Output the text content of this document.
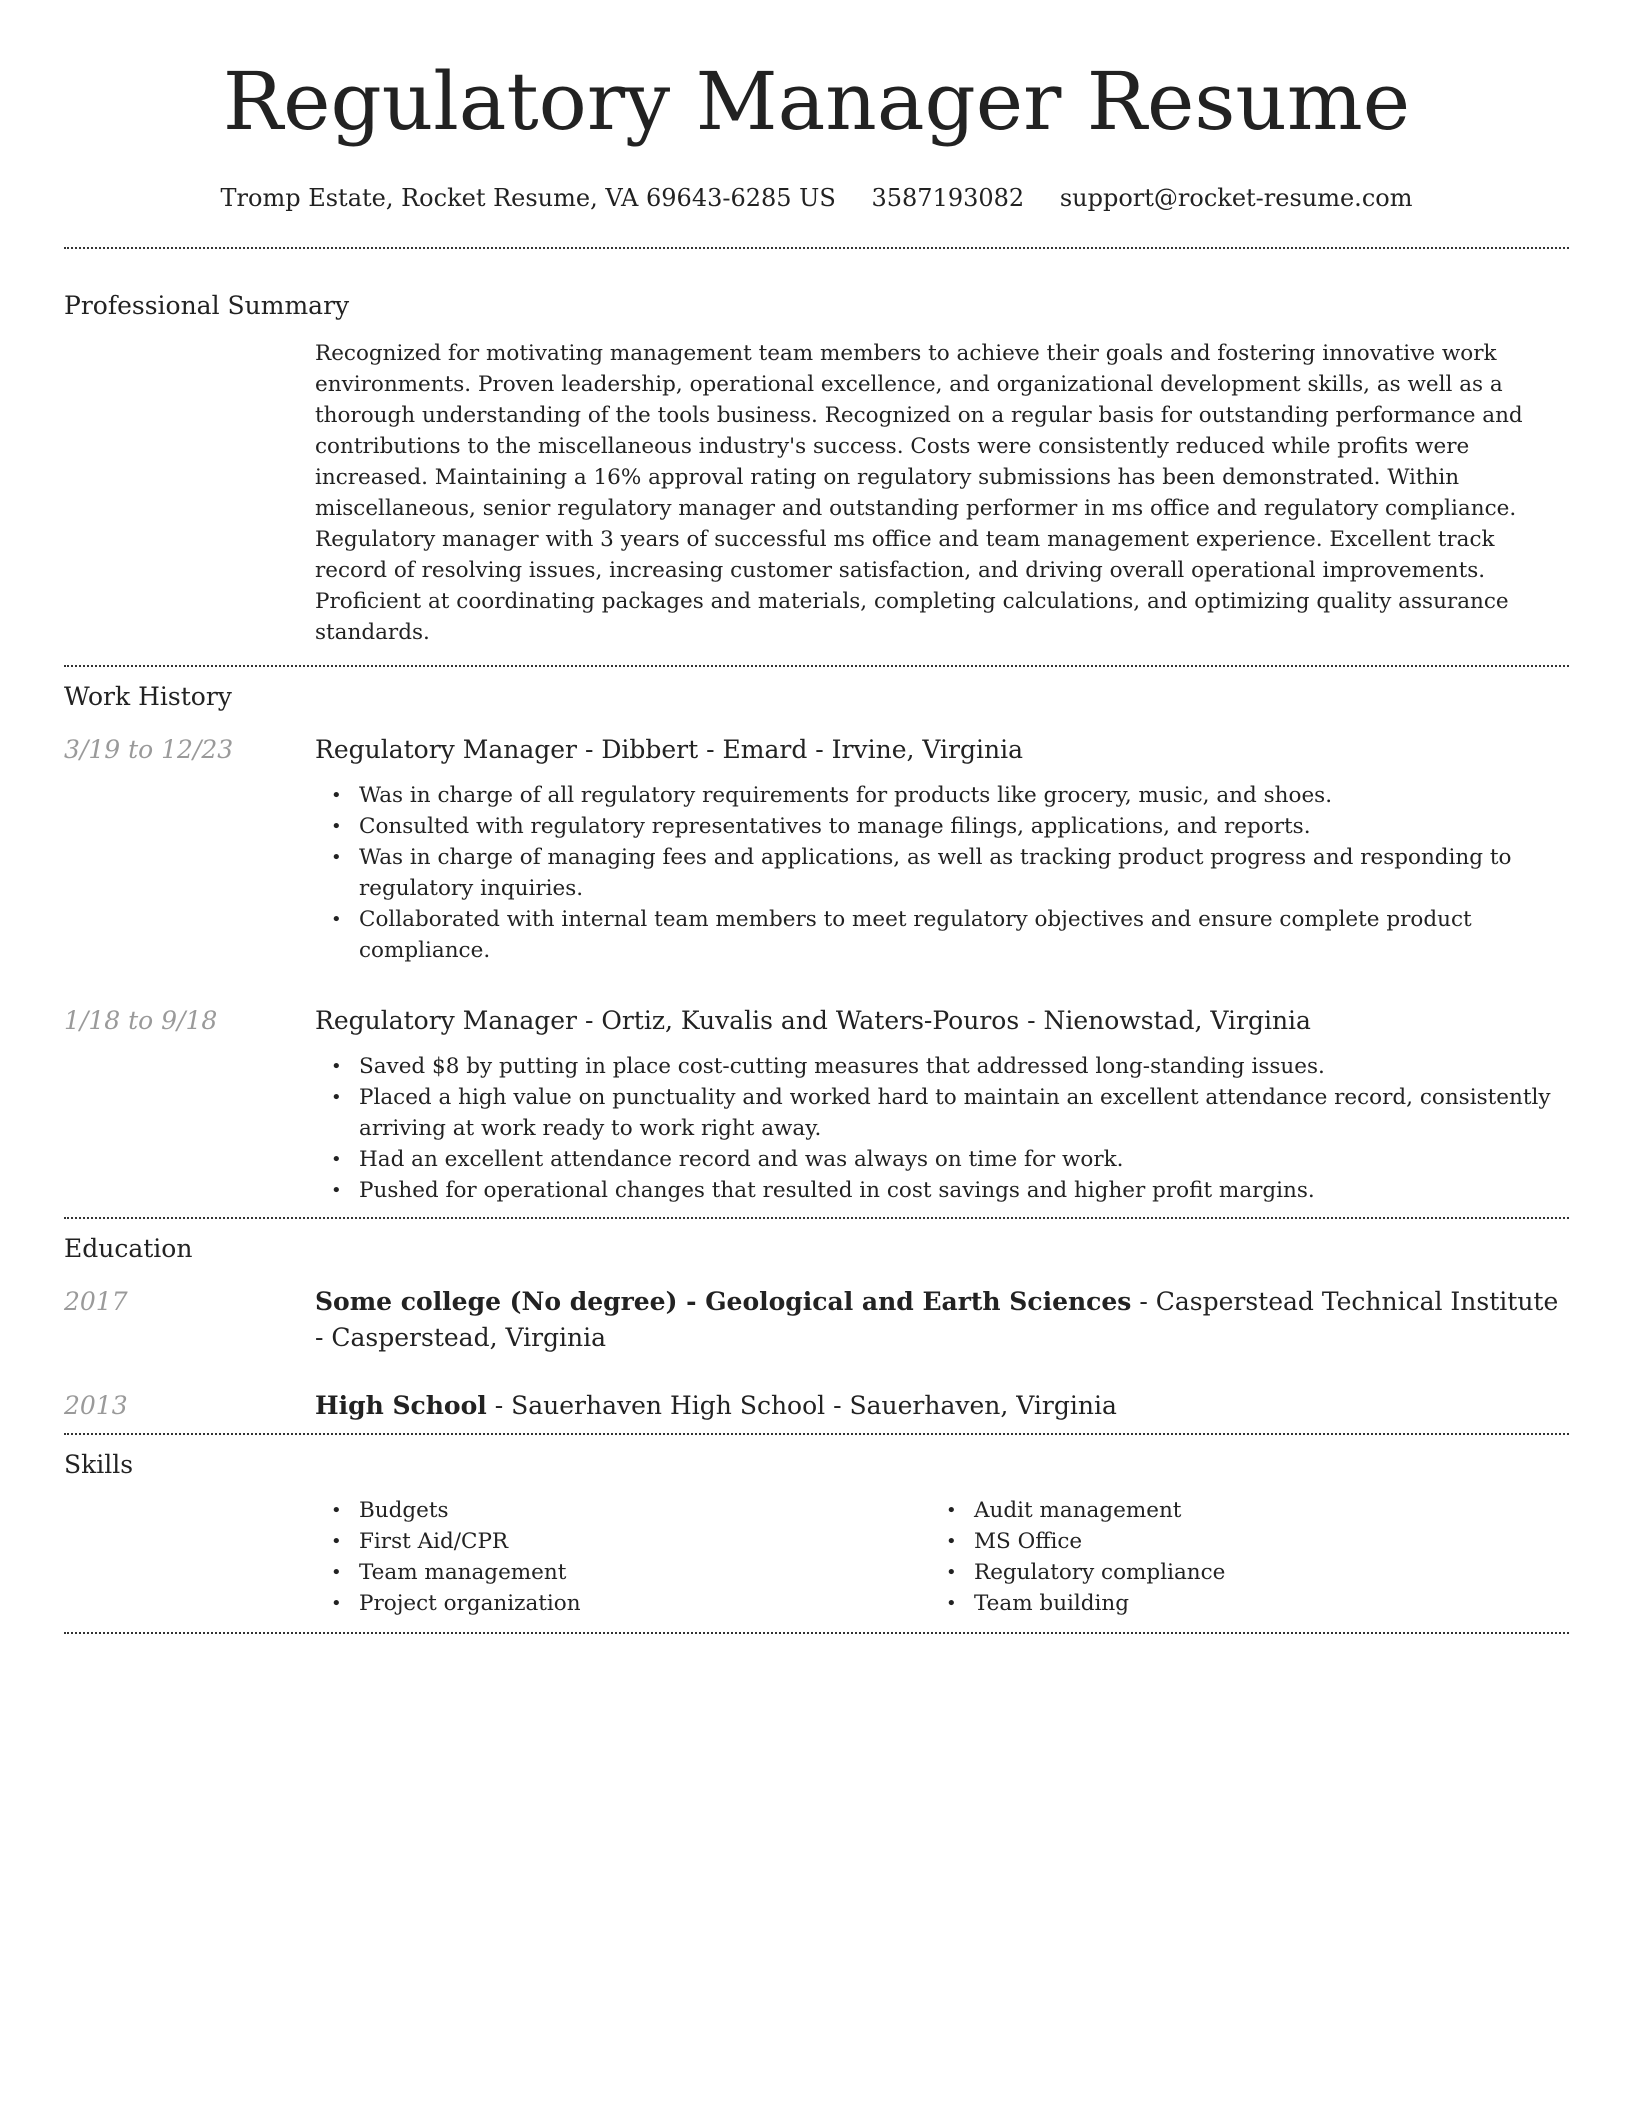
Regulatory Manager Resume
Tromp Estate, Rocket Resume, VA 69643-6285 US 3587193082 support@rocket-resume.com
Professional Summary
Recognized for motivating management team members to achieve their goals and fostering innovative work environments. Proven leadership, operational excellence, and organizational development skills, as well as a thorough understanding of the tools business. Recognized on a regular basis for outstanding performance and contributions to the miscellaneous industry's success. Costs were consistently reduced while profits were increased. Maintaining a 16% approval rating on regulatory submissions has been demonstrated. Within miscellaneous, senior regulatory manager and outstanding performer in ms office and regulatory compliance. Regulatory manager with 3 years of successful ms office and team management experience. Excellent track record of resolving issues, increasing customer satisfaction, and driving overall operational improvements. Proficient at coordinating packages and materials, completing calculations, and optimizing quality assurance standards.
Work History
3/19 to 12/23	Regulatory Manager - Dibbert - Emard - Irvine, Virginia
• Was in charge of all regulatory requirements for products like grocery, music, and shoes.
• Consulted with regulatory representatives to manage filings, applications, and reports.
• Was in charge of managing fees and applications, as well as tracking product progress and responding to regulatory inquiries.
• Collaborated with internal team members to meet regulatory objectives and ensure complete product compliance.
1/18 to 9/18	Regulatory Manager - Ortiz, Kuvalis and Waters-Pouros - Nienowstad, Virginia
• Saved $8 by putting in place cost-cutting measures that addressed long-standing issues.
• Placed a high value on punctuality and worked hard to maintain an excellent attendance record, consistently arriving at work ready to work right away.
• Had an excellent attendance record and was always on time for work.
• Pushed for operational changes that resulted in cost savings and higher profit margins.
Education
2017	Some college (No degree) - Geological and Earth Sciences - Casperstead Technical Institute - Casperstead, Virginia
2013	High School - Sauerhaven High School - Sauerhaven, Virginia
Skills
• Budgets
• First Aid/CPR
• Team management
• Project organization
• Audit management
• MS Office
• Regulatory compliance
• Team building
